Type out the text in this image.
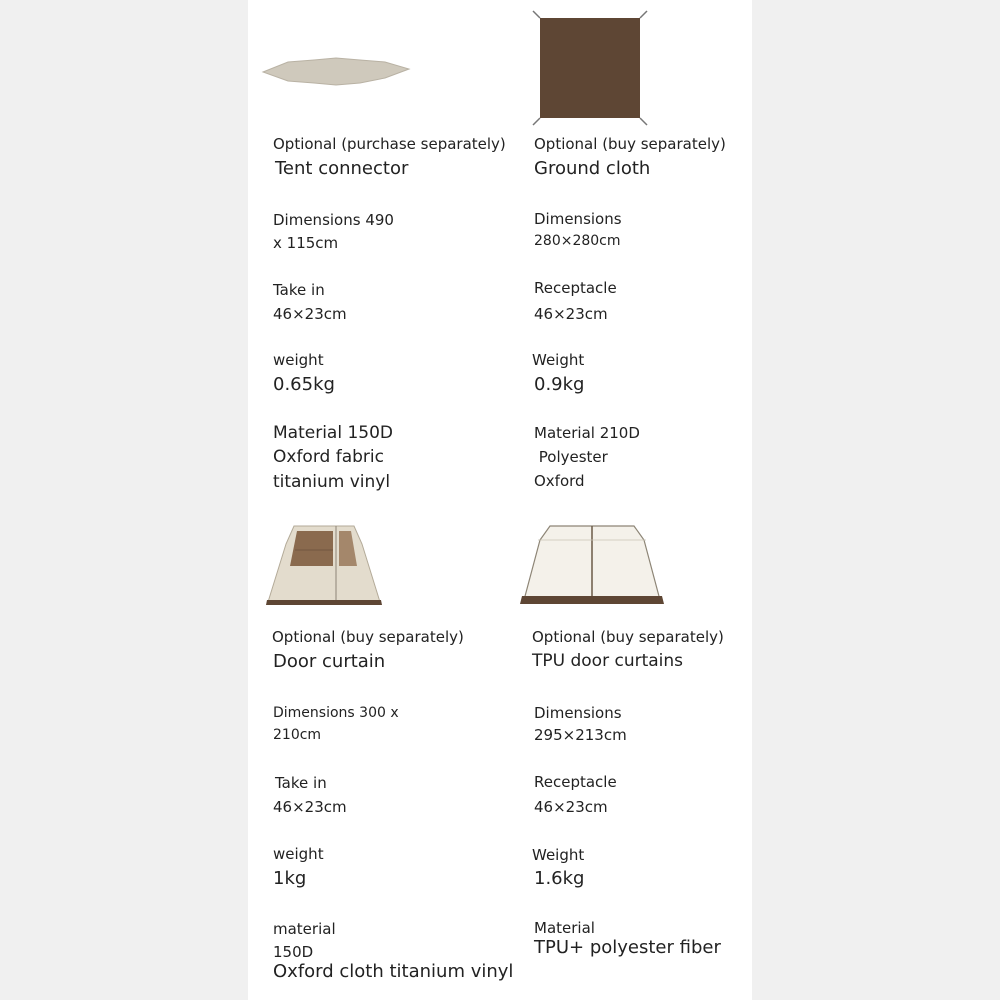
Optional (purchase separately)

Tent connector

Dimensions 490

x 115cm

Take in

46×23cm

weight

0.65kg

Material 150D

Oxford fabric

titanium vinyl

Optional (buy separately)

Ground cloth

Dimensions

280×280cm

Receptacle

46×23cm

Weight

0.9kg

Material 210D

Polyester

Oxford

Optional (buy separately)

Door curtain

Dimensions 300 x

210cm

Take in

46×23cm

weight

1kg

material

150D

Oxford cloth titanium vinyl

Optional (buy separately)

TPU door curtains

Dimensions

295×213cm

Receptacle

46×23cm

Weight

1.6kg

Material

TPU+ polyester fiber
